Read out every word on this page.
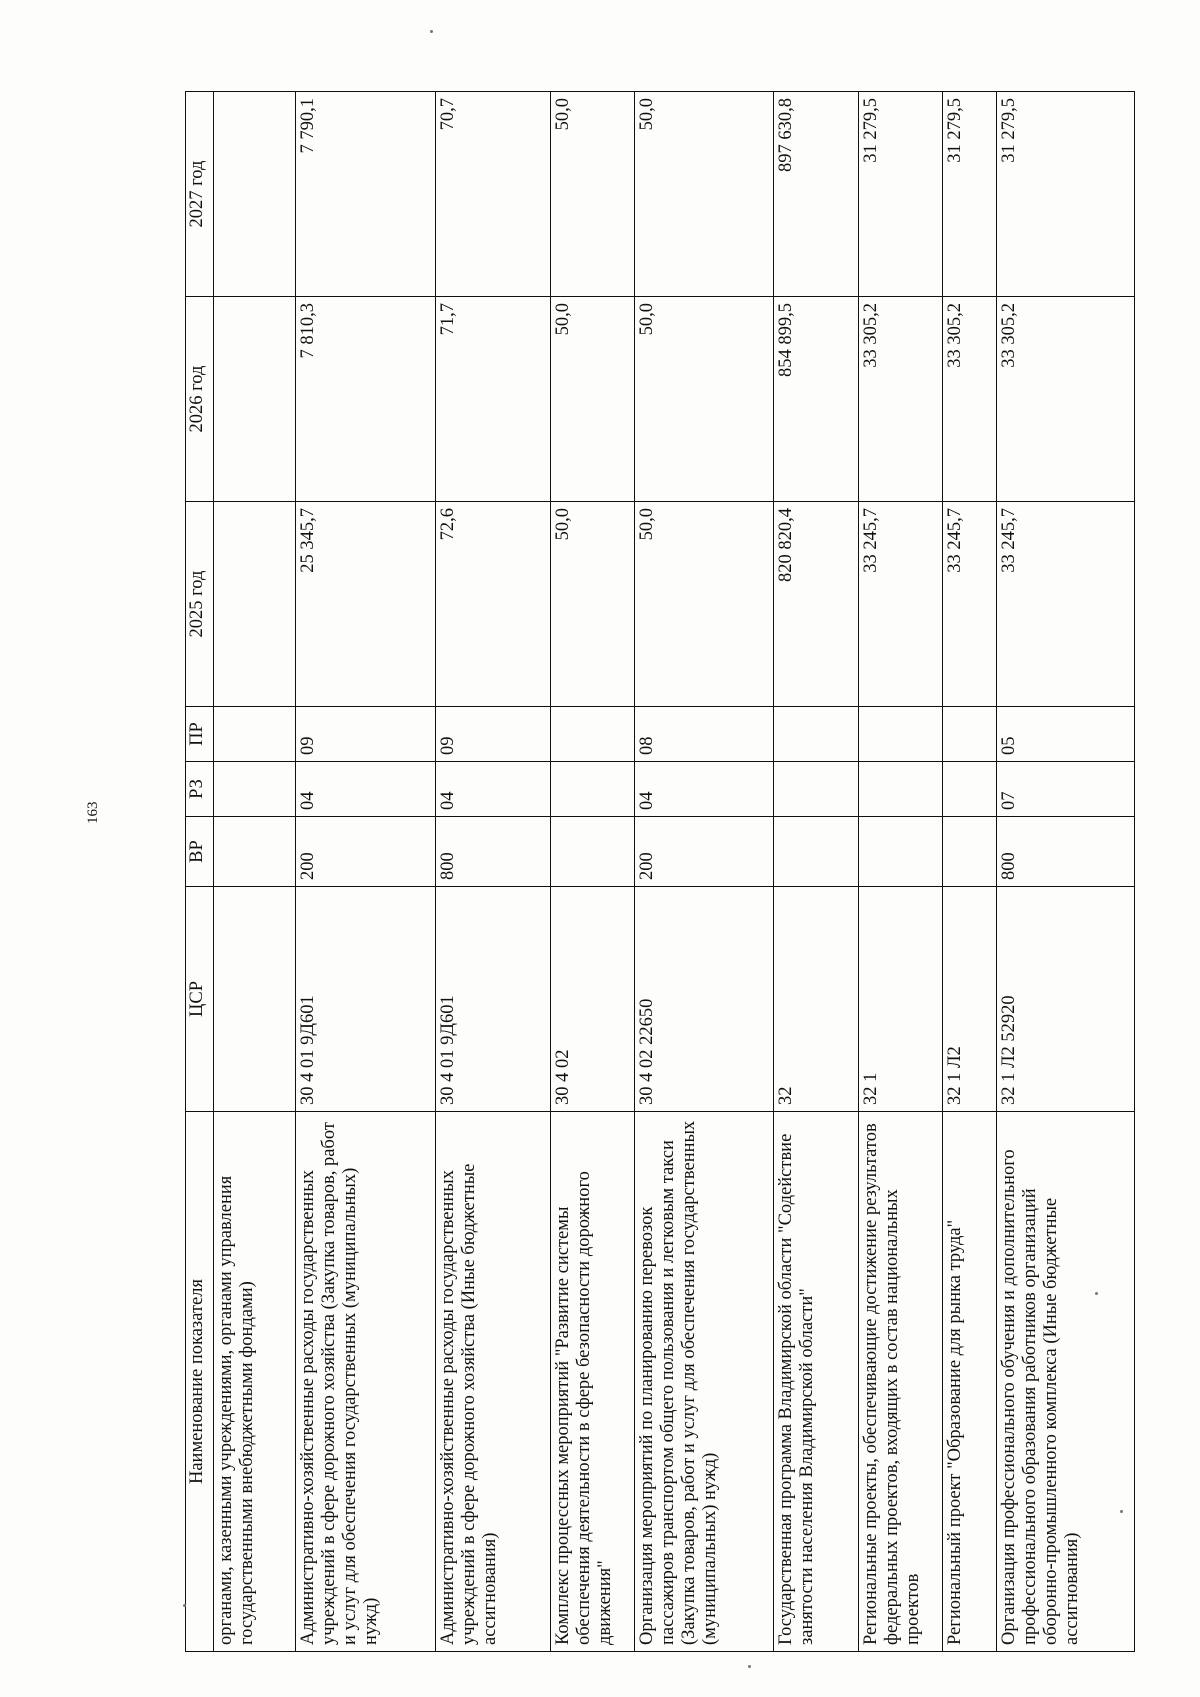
163
Наименование показателя	ЦСР	ВР	РЗ	ПР	2025 год	2026 год	2027 год
органами, казенными учреждениями, органами управления государственными внебюджетными фондами)							
Административно-хозяйственные расходы государственных учреждений в сфере дорожного хозяйства (Закупка товаров, работ и услуг для обеспечения государственных (муниципальных) нужд)	30 4 01 9Д601	200	04	09	25 345,7	7 810,3	7 790,1
Административно-хозяйственные расходы государственных учреждений в сфере дорожного хозяйства (Иные бюджетные ассигнования)	30 4 01 9Д601	800	04	09	72,6	71,7	70,7
Комплекс процессных мероприятий "Развитие системы обеспечения деятельности в сфере безопасности дорожного движения"	30 4 02				50,0	50,0	50,0
Организация мероприятий по планированию перевозок пассажиров транспортом общего пользования и легковым такси (Закупка товаров, работ и услуг для обеспечения государственных (муниципальных) нужд)	30 4 02 22650	200	04	08	50,0	50,0	50,0
Государственная программа Владимирской области "Содействие занятости населения Владимирской области"	32				820 820,4	854 899,5	897 630,8
Региональные проекты, обеспечивающие достижение результатов федеральных проектов, входящих в состав национальных проектов	32 1				33 245,7	33 305,2	31 279,5
Региональный проект "Образование для рынка труда"	32 1 Л2				33 245,7	33 305,2	31 279,5
Организация профессионального обучения и дополнительного профессионального образования работников организаций оборонно-промышленного комплекса (Иные бюджетные ассигнования)	32 1 Л2 52920	800	07	05	33 245,7	33 305,2	31 279,5
